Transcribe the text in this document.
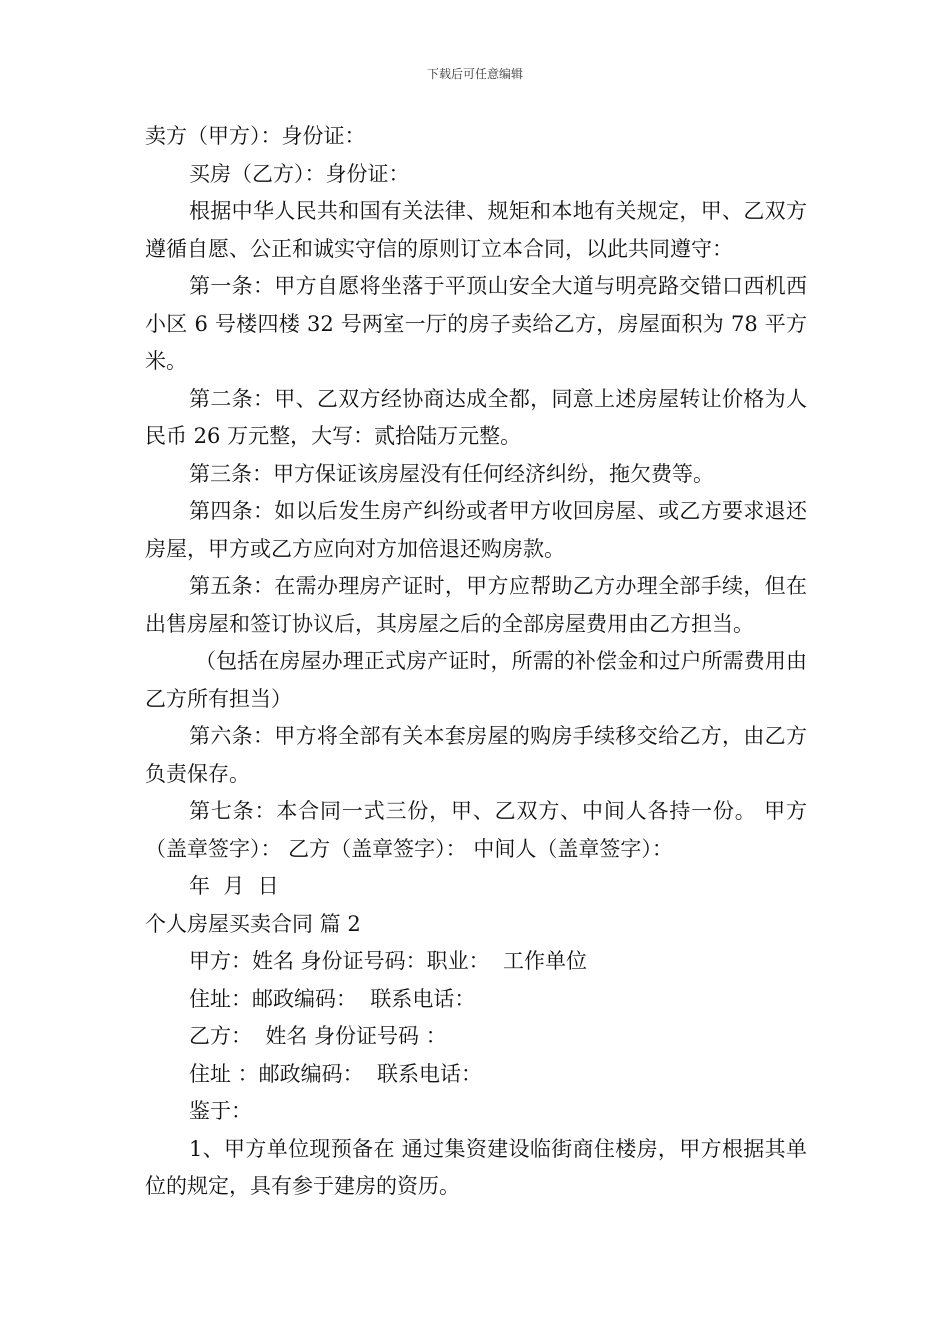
下载后可任意编辑

卖方（甲方）：身份证：

买房（乙方）：身份证：

根据中华人民共和国有关法律、规矩和本地有关规定，甲、乙双方遵循自愿、公正和诚实守信的原则订立本合同，以此共同遵守：

第一条：甲方自愿将坐落于平顶山安全大道与明亮路交错口西机西小区 6 号楼四楼 32 号两室一厅的房子卖给乙方，房屋面积为 78 平方米。

第二条：甲、乙双方经协商达成全都，同意上述房屋转让价格为人民币 26 万元整，大写：贰拾陆万元整。

第三条：甲方保证该房屋没有任何经济纠纷，拖欠费等。

第四条：如以后发生房产纠纷或者甲方收回房屋、或乙方要求退还房屋，甲方或乙方应向对方加倍退还购房款。

第五条：在需办理房产证时，甲方应帮助乙方办理全部手续，但在出售房屋和签订协议后，其房屋之后的全部房屋费用由乙方担当。

（包括在房屋办理正式房产证时，所需的补偿金和过户所需费用由乙方所有担当）

第六条：甲方将全部有关本套房屋的购房手续移交给乙方，由乙方负责保存。

第七条：本合同一式三份，甲、乙双方、中间人各持一份。 甲方（盖章签字）： 乙方（盖章签字）： 中间人（盖章签字）：

年  月  日

个人房屋买卖合同 篇 2

甲方：姓名 身份证号码：职业：  工作单位

住址：邮政编码：  联系电话：

乙方：  姓名 身份证号码 ：

住址 ：邮政编码：  联系电话：

鉴于：

1、甲方单位现预备在 通过集资建设临街商住楼房，甲方根据其单位的规定，具有参于建房的资历。
